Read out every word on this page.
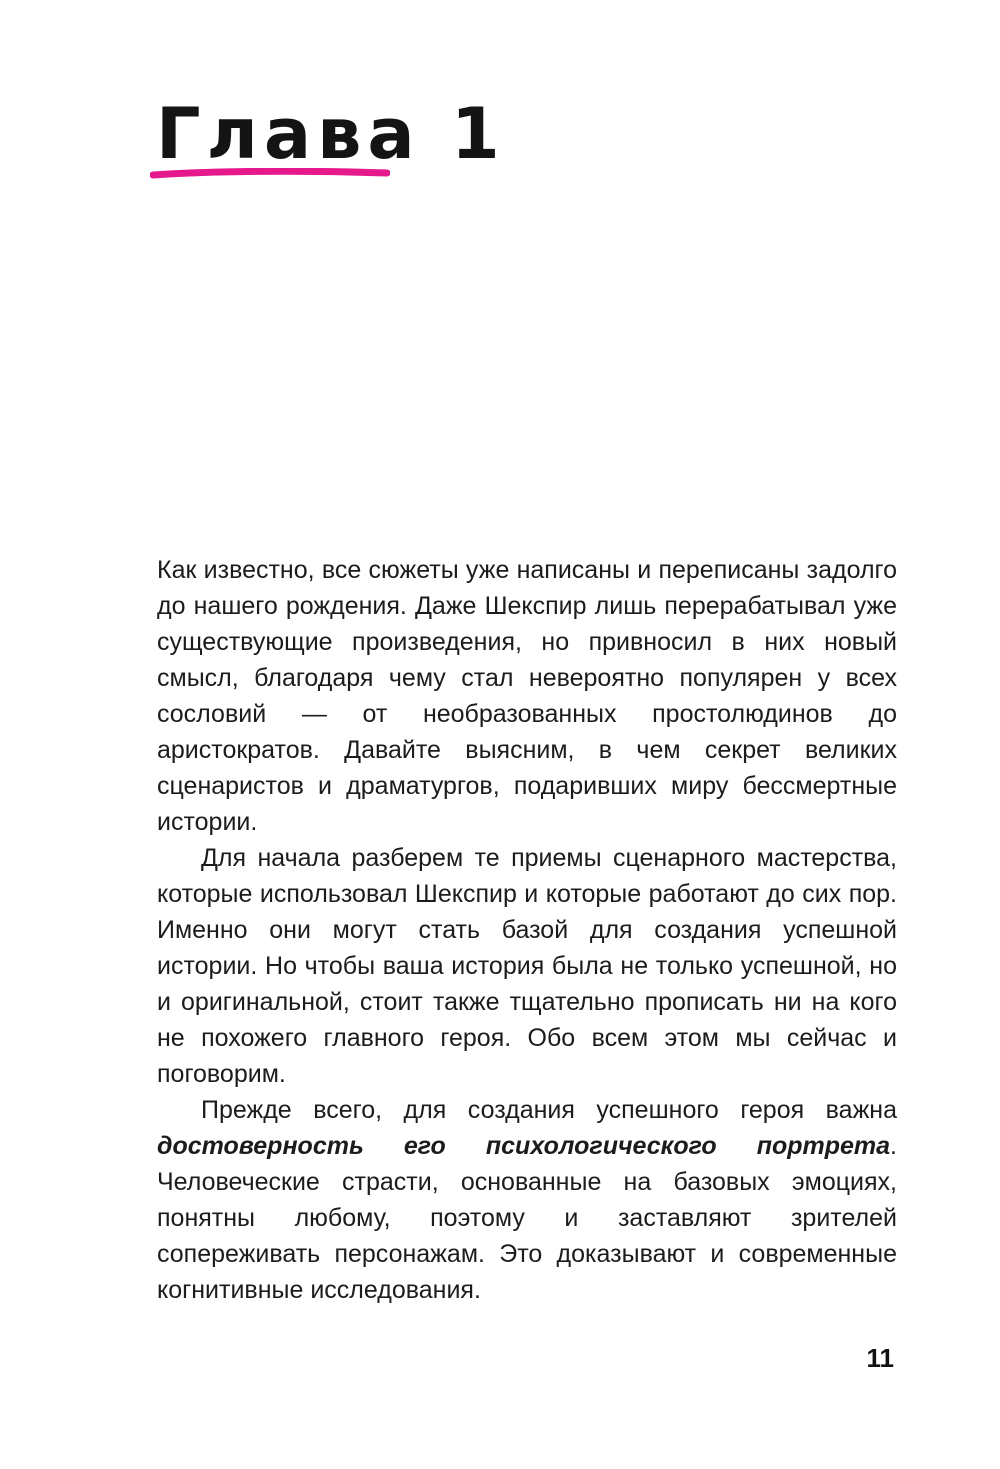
Глава 1

Как известно, все сюжеты уже написаны и переписаны задолго до нашего рождения. Даже Шекспир лишь перерабатывал уже существующие произведения, но привносил в них новый смысл, благодаря чему стал невероятно популярен у всех сословий — от необразованных простолюдинов до аристократов. Давайте выясним, в чем секрет великих сценаристов и драматургов, подаривших миру бессмертные истории.

Для начала разберем те приемы сценарного мастерства, которые использовал Шекспир и которые работают до сих пор. Именно они могут стать базой для создания успешной истории. Но чтобы ваша история была не только успешной, но и оригинальной, стоит также тщательно прописать ни на кого не похожего главного героя. Обо всем этом мы сейчас и поговорим.

Прежде всего, для создания успешного героя важна достоверность его психологического портрета. Человеческие страсти, основанные на базовых эмоциях, понятны любому, поэтому и заставляют зрителей сопереживать персонажам. Это доказывают и современные когнитивные исследования.

11
